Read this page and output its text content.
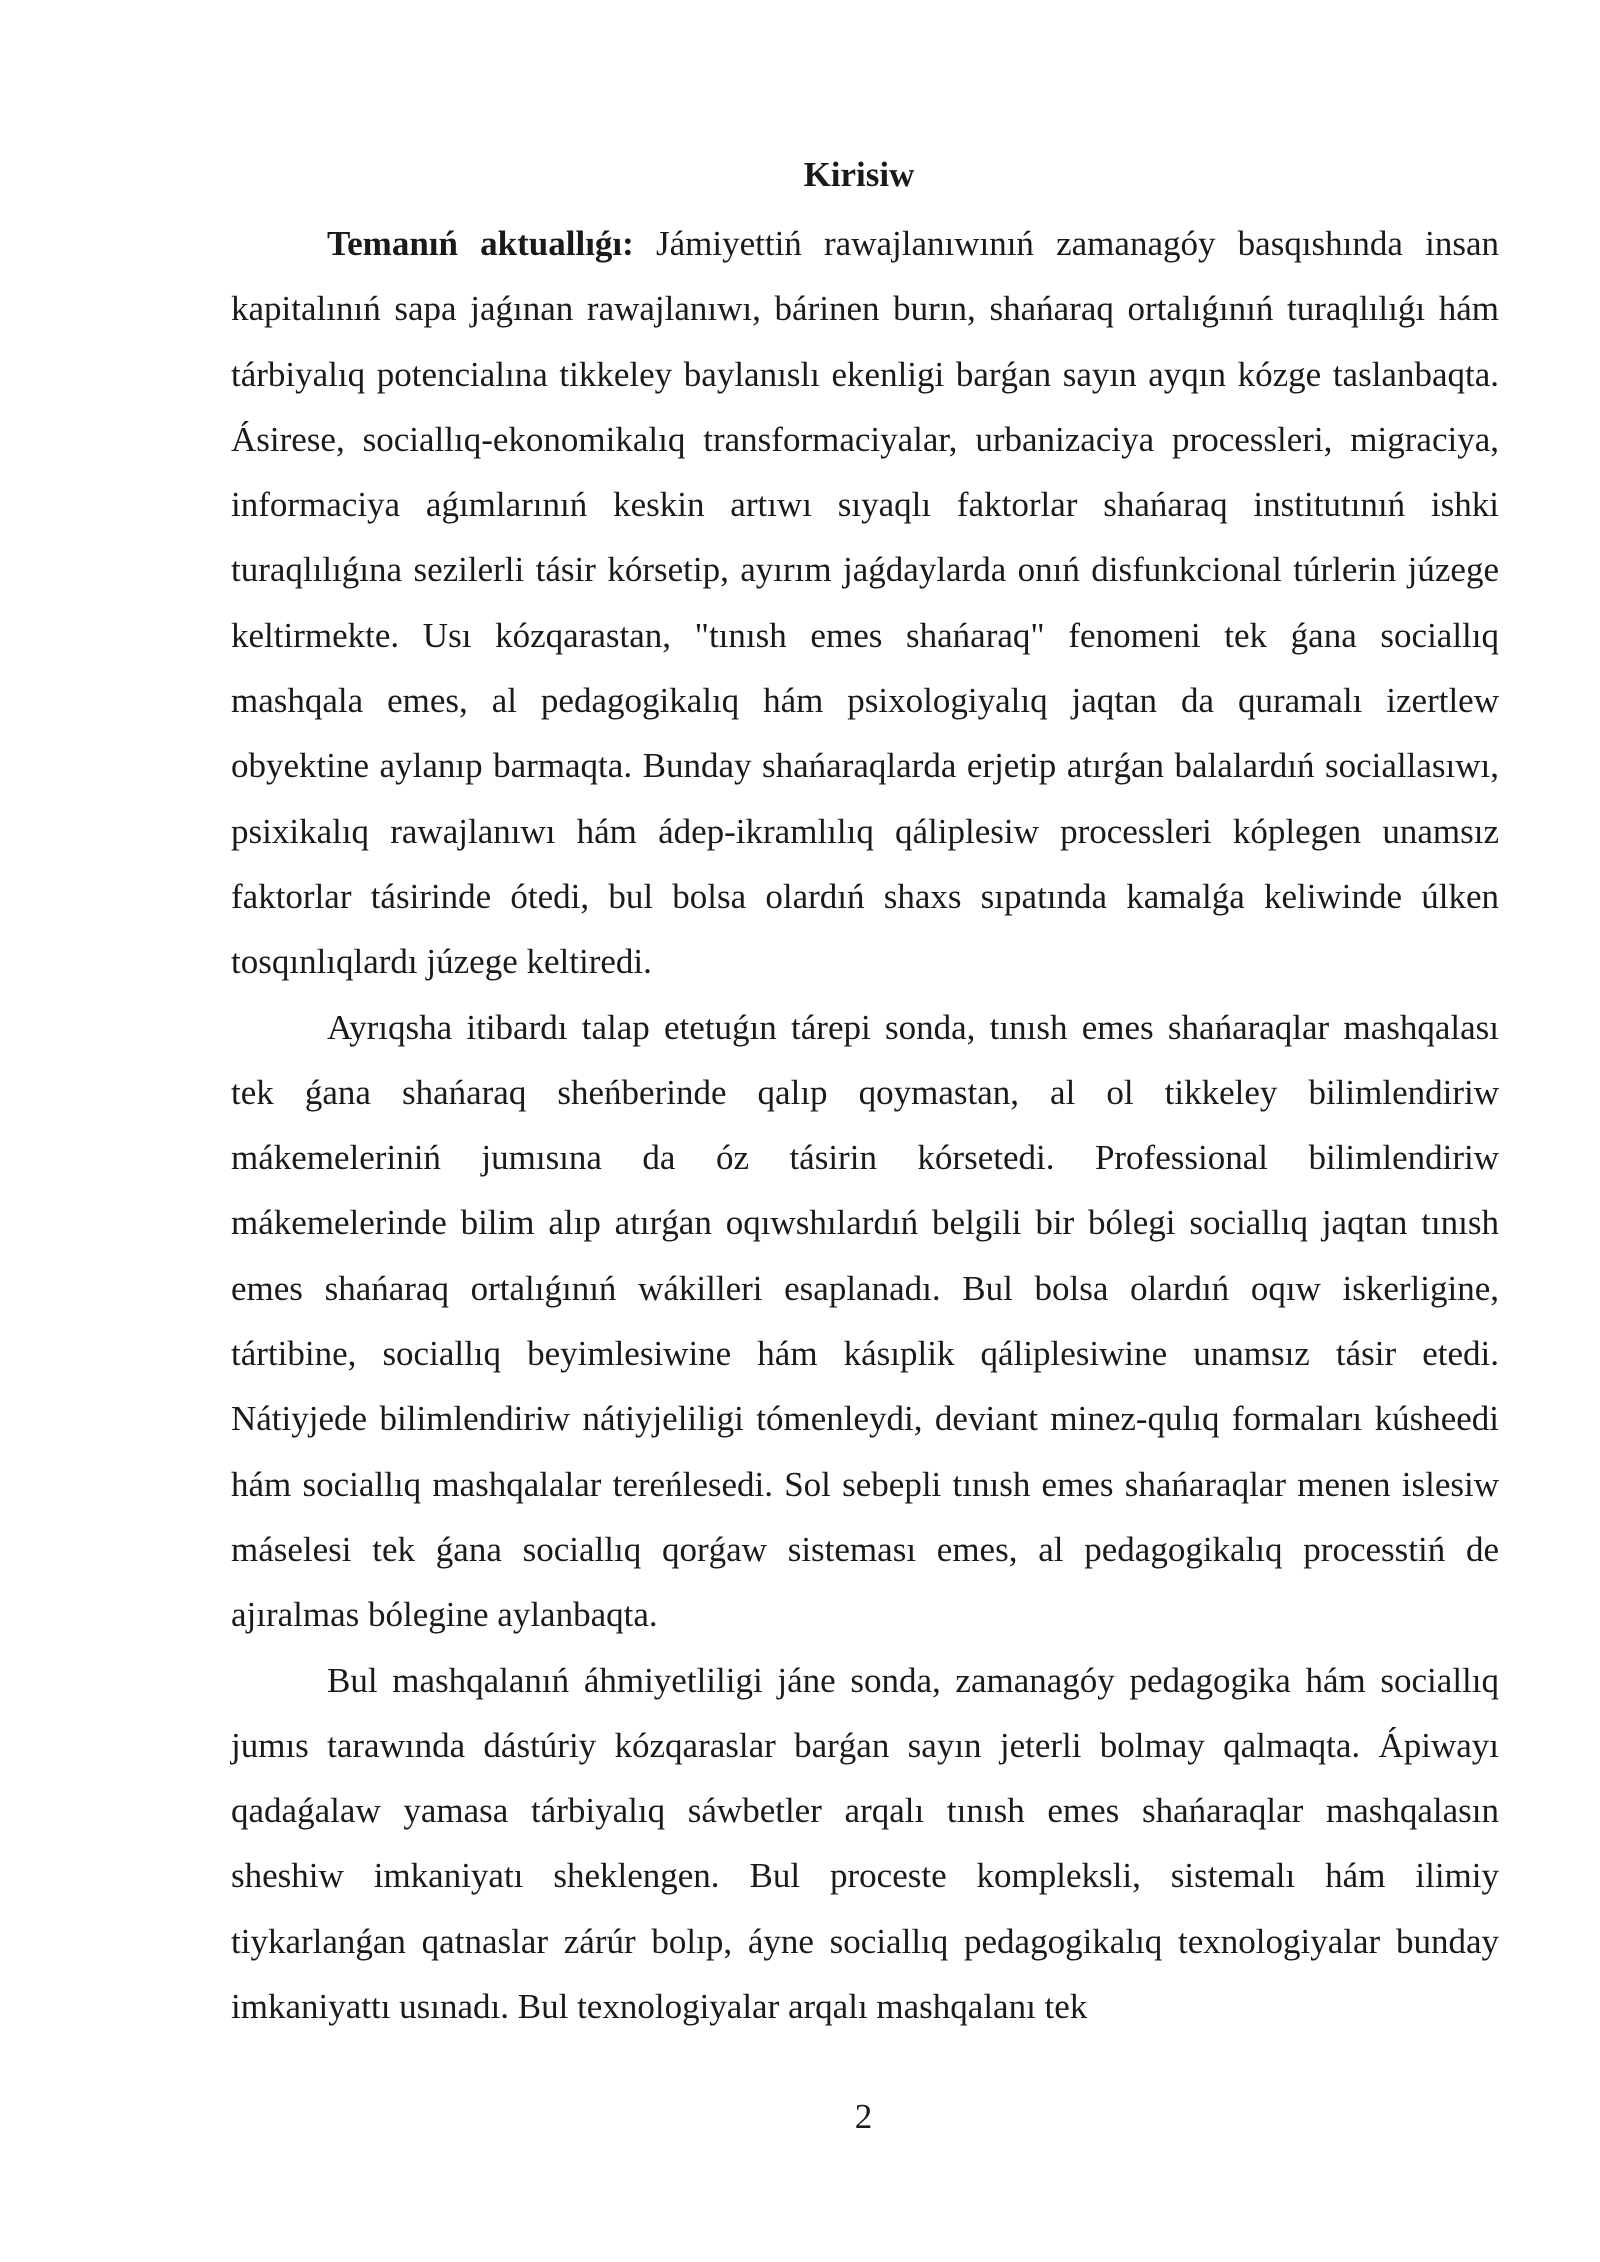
Kirisiw

Temanıń aktuallıǵı: Jámiyettiń rawajlanıwınıń zamanagóy basqıshında insan kapitalınıń sapa jaǵınan rawajlanıwı, bárinen burın, shańaraq ortalıǵınıń turaqlılıǵı hám tárbiyalıq potencialına tikkeley baylanıslı ekenligi barǵan sayın ayqın kózge taslanbaqta. Ásirese, sociallıq-ekonomikalıq transformaciyalar, urbanizaciya processleri, migraciya, informaciya aǵımlarınıń keskin artıwı sıyaqlı faktorlar shańaraq institutınıń ishki turaqlılıǵına sezilerli tásir kórsetip, ayırım jaǵdaylarda onıń disfunkcional túrlerin júzege keltirmekte. Usı kózqarastan, "tınısh emes shańaraq" fenomeni tek ǵana sociallıq mashqala emes, al pedagogikalıq hám psixologiyalıq jaqtan da quramalı izertlew obyektine aylanıp barmaqta. Bunday shańaraqlarda erjetip atırǵan balalardıń sociallasıwı, psixikalıq rawajlanıwı hám ádep-ikramlılıq qáliplesiw processleri kóplegen unamsız faktorlar tásirinde ótedi, bul bolsa olardıń shaxs sıpatında kamalǵa keliwinde úlken tosqınlıqlardı júzege keltiredi.

Ayrıqsha itibardı talap etetuǵın tárepi sonda, tınısh emes shańaraqlar mashqalası tek ǵana shańaraq sheńberinde qalıp qoymastan, al ol tikkeley bilimlendiriw mákemeleriniń jumısına da óz tásirin kórsetedi. Professional bilimlendiriw mákemelerinde bilim alıp atırǵan oqıwshılardıń belgili bir bólegi sociallıq jaqtan tınısh emes shańaraq ortalıǵınıń wákilleri esaplanadı. Bul bolsa olardıń oqıw iskerligine, tártibine, sociallıq beyimlesiwine hám kásıplik qáliplesiwine unamsız tásir etedi. Nátiyjede bilimlendiriw nátiyjeliligi tómenleydi, deviant minez-qulıq formaları kúsheedi hám sociallıq mashqalalar tereńlesedi. Sol sebepli tınısh emes shańaraqlar menen islesiw máselesi tek ǵana sociallıq qorǵaw sisteması emes, al pedagogikalıq processtiń de ajıralmas bólegine aylanbaqta.

Bul mashqalanıń áhmiyetliligi jáne sonda, zamanagóy pedagogika hám sociallıq jumıs tarawında dástúriy kózqaraslar barǵan sayın jeterli bolmay qalmaqta. Ápiwayı qadaǵalaw yamasa tárbiyalıq sáwbetler arqalı tınısh emes shańaraqlar mashqalasın sheshiw imkaniyatı sheklengen. Bul proceste kompleksli, sistemalı hám ilimiy tiykarlanǵan qatnaslar zárúr bolıp, áyne sociallıq pedagogikalıq texnologiyalar bunday imkaniyattı usınadı. Bul texnologiyalar arqalı mashqalanı tek

2
